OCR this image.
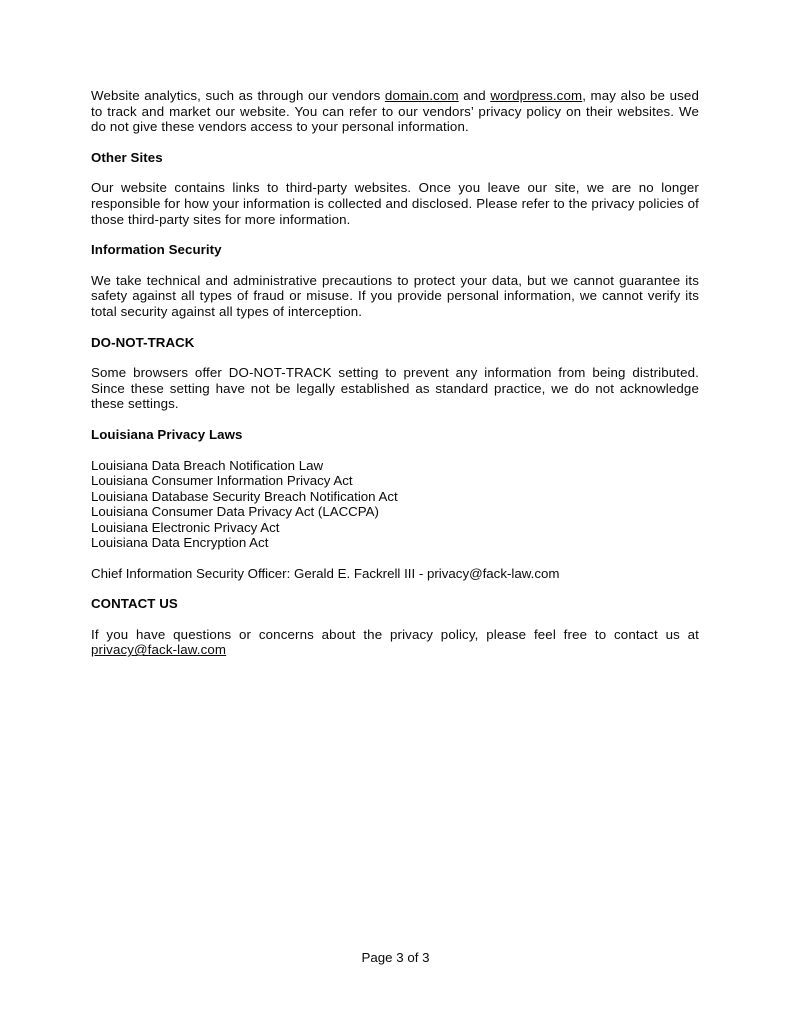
Website analytics, such as through our vendors domain.com and wordpress.com, may also be used to track and market our website. You can refer to our vendors’ privacy policy on their websites. We do not give these vendors access to your personal information.

Other Sites

Our website contains links to third-party websites. Once you leave our site, we are no longer responsible for how your information is collected and disclosed. Please refer to the privacy policies of those third-party sites for more information.

Information Security

We take technical and administrative precautions to protect your data, but we cannot guarantee its safety against all types of fraud or misuse. If you provide personal information, we cannot verify its total security against all types of interception.

DO-NOT-TRACK

Some browsers offer DO-NOT-TRACK setting to prevent any information from being distributed. Since these setting have not be legally established as standard practice, we do not acknowledge these settings.

Louisiana Privacy Laws
Louisiana Data Breach Notification Law
Louisiana Consumer Information Privacy Act
Louisiana Database Security Breach Notification Act
Louisiana Consumer Data Privacy Act (LACCPA)
Louisiana Electronic Privacy Act
Louisiana Data Encryption Act

Chief Information Security Officer: Gerald E. Fackrell III - privacy@fack-law.com

CONTACT US

If you have questions or concerns about the privacy policy, please feel free to contact us at privacy@fack-law.com

Page 3 of 3
